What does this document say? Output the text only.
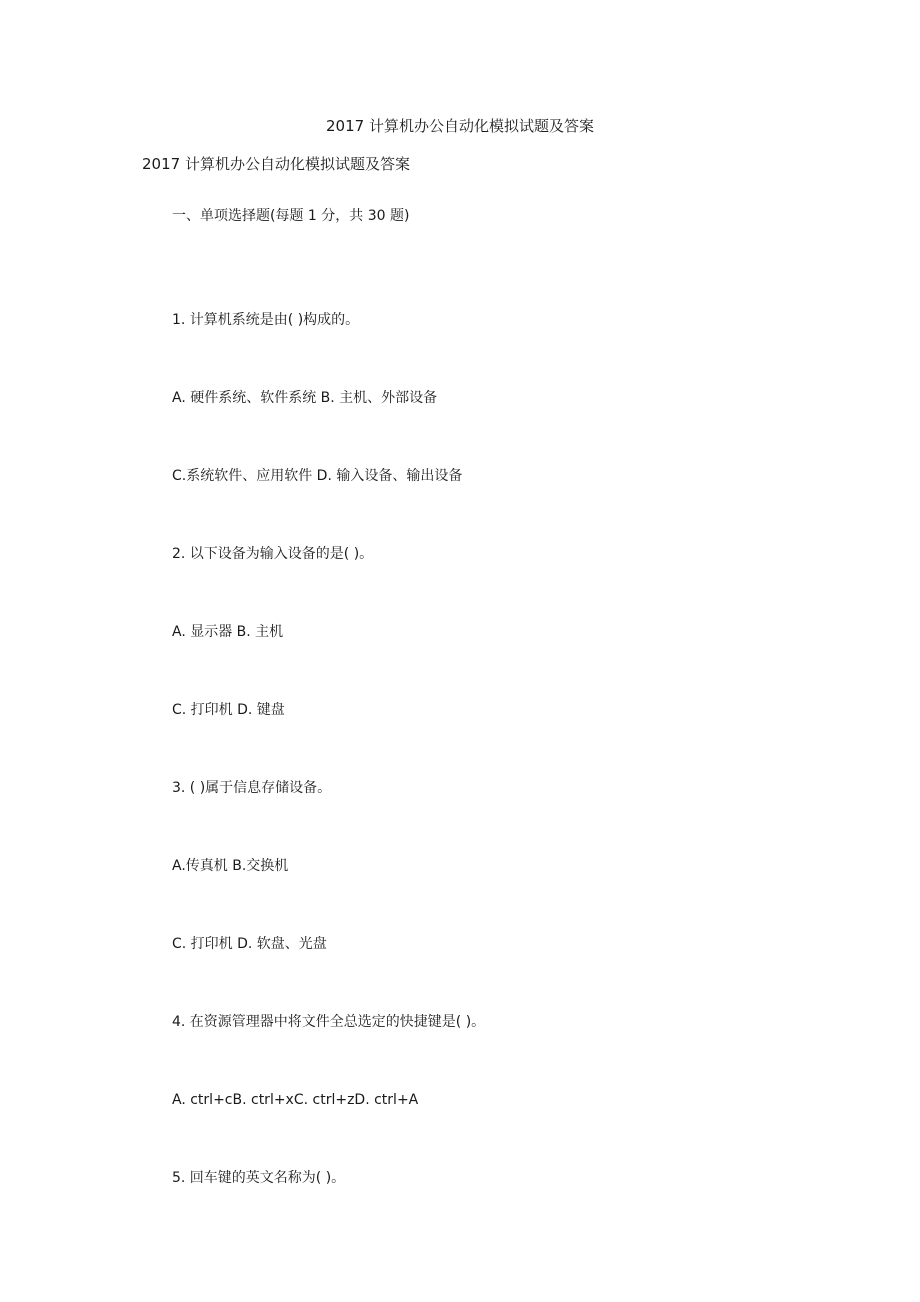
2017 计算机办公自动化模拟试题及答案
2017 计算机办公自动化模拟试题及答案
一、单项选择题(每题 1 分，共 30 题)
1. 计算机系统是由( )构成的。
A. 硬件系统、软件系统 B. 主机、外部设备
C.系统软件、应用软件 D. 输入设备、输出设备
2. 以下设备为输入设备的是( )。
A. 显示器 B. 主机
C. 打印机 D. 键盘
3. ( )属于信息存储设备。
A.传真机 B.交换机
C. 打印机 D. 软盘、光盘
4. 在资源管理器中将文件全总选定的快捷键是( )。
A. ctrl+cB. ctrl+xC. ctrl+zD. ctrl+A
5. 回车键的英文名称为( )。
